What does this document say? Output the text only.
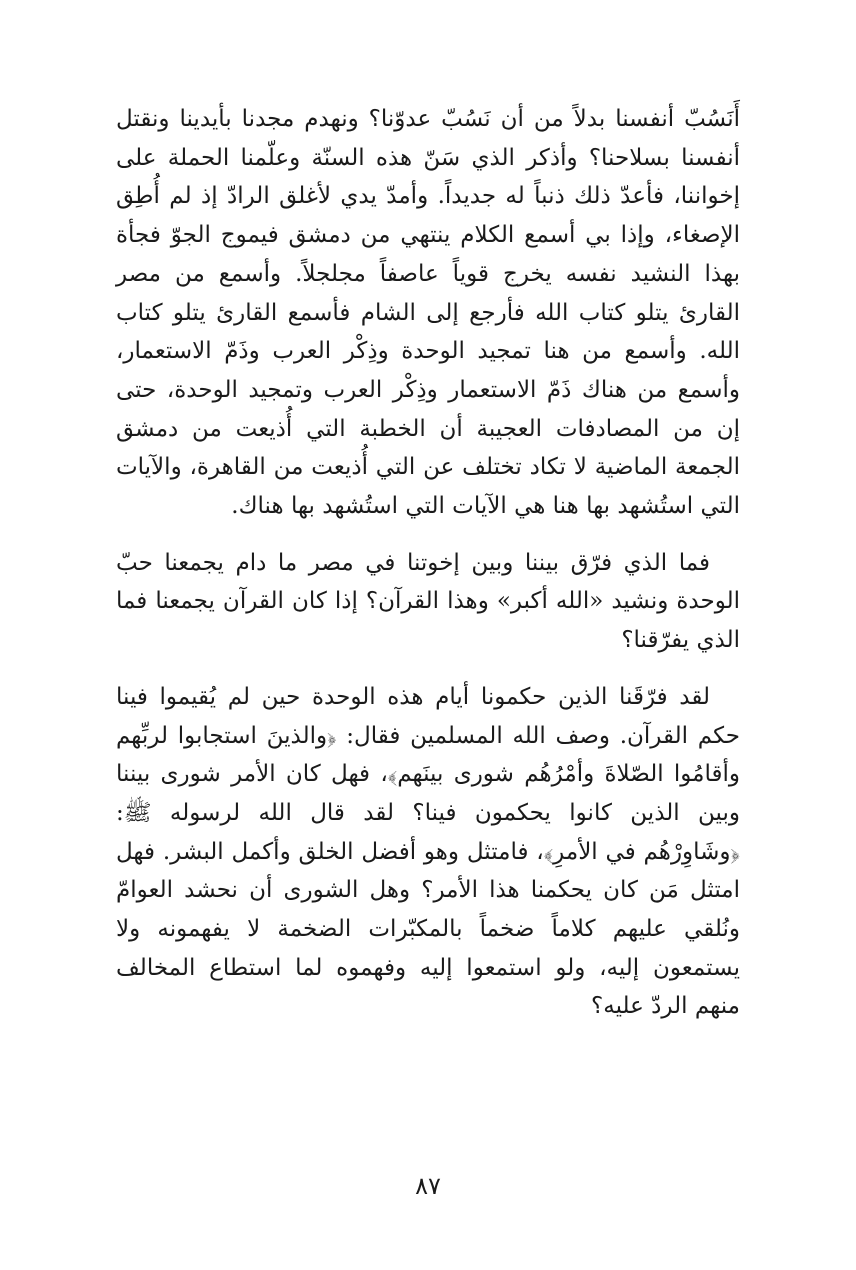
أَنَسُبّ أنفسنا بدلاً من أن نَسُبّ عدوّنا؟ ونهدم مجدنا بأيدينا ونقتل أنفسنا بسلاحنا؟ وأذكر الذي سَنّ هذه السنّة وعلّمنا الحملة على إخواننا، فأعدّ ذلك ذنباً له جديداً. وأمدّ يدي لأغلق الرادّ إذ لم أُطِق الإصغاء، وإذا بي أسمع الكلام ينتهي من دمشق فيموج الجوّ فجأة بهذا النشيد نفسه يخرج قوياً عاصفاً مجلجلاً. وأسمع من مصر القارئ يتلو كتاب الله فأرجع إلى الشام فأسمع القارئ يتلو كتاب الله. وأسمع من هنا تمجيد الوحدة وذِكْر العرب وذَمّ الاستعمار، وأسمع من هناك ذَمّ الاستعمار وذِكْر العرب وتمجيد الوحدة، حتى إن من المصادفات العجيبة أن الخطبة التي أُذيعت من دمشق الجمعة الماضية لا تكاد تختلف عن التي أُذيعت من القاهرة، والآيات التي استُشهد بها هنا هي الآيات التي استُشهد بها هناك.

فما الذي فرّق بيننا وبين إخوتنا في مصر ما دام يجمعنا حبّ الوحدة ونشيد «الله أكبر» وهذا القرآن؟ إذا كان القرآن يجمعنا فما الذي يفرّقنا؟

لقد فرّقَنا الذين حكمونا أيام هذه الوحدة حين لم يُقيموا فينا حكم القرآن. وصف الله المسلمين فقال: ﴿والذينَ استجابوا لربِّهم وأقامُوا الصّلاةَ وأمْرُهُم شورى بينَهم﴾، فهل كان الأمر شورى بيننا وبين الذين كانوا يحكمون فينا؟ لقد قال الله لرسوله ﷺ: ﴿وشَاوِرْهُم في الأمرِ﴾، فامتثل وهو أفضل الخلق وأكمل البشر. فهل امتثل مَن كان يحكمنا هذا الأمر؟ وهل الشورى أن نحشد العوامّ ونُلقي عليهم كلاماً ضخماً بالمكبّرات الضخمة لا يفهمونه ولا يستمعون إليه، ولو استمعوا إليه وفهموه لما استطاع المخالف منهم الردّ عليه؟

٨٧
